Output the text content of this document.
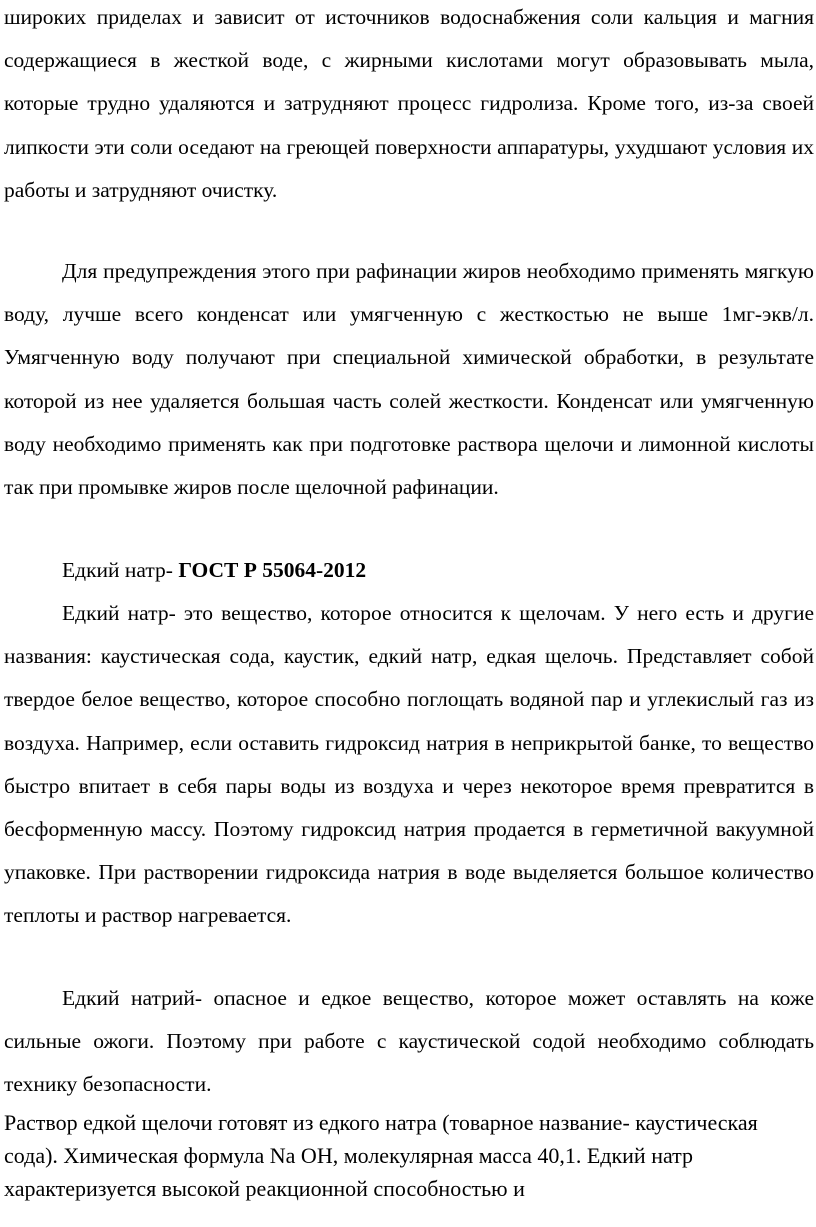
широких приделах и зависит от источников водоснабжения соли кальция и магния содержащиеся в жесткой воде, с жирными кислотами могут образовывать мыла, которые трудно удаляются и затрудняют процесс гидролиза. Кроме того, из-за своей липкости эти соли оседают на греющей поверхности аппаратуры, ухудшают условия их работы и затрудняют очистку.

Для предупреждения этого при рафинации жиров необходимо применять мягкую воду, лучше всего конденсат или умягченную с жесткостью не выше 1мг-экв/л. Умягченную воду получают при специальной химической обработки, в результате которой из нее удаляется большая часть солей жесткости. Конденсат или умягченную воду необходимо применять как при подготовке раствора щелочи и лимонной кислоты так при промывке жиров после щелочной рафинации.

Едкий натр- ГОСТ Р 55064-2012

Едкий натр- это вещество, которое относится к щелочам. У него есть и другие названия: каустическая сода, каустик, едкий натр, едкая щелочь. Представляет собой твердое белое вещество, которое способно поглощать водяной пар и углекислый газ из воздуха. Например, если оставить гидроксид натрия в неприкрытой банке, то вещество быстро впитает в себя пары воды из воздуха и через некоторое время превратится в бесформенную массу. Поэтому гидроксид натрия продается в герметичной вакуумной упаковке. При растворении гидроксида натрия в воде выделяется большое количество теплоты и раствор нагревается.

Едкий натрий- опасное и едкое вещество, которое может оставлять на коже сильные ожоги. Поэтому при работе с каустической содой необходимо соблюдать технику безопасности.

Раствор едкой щелочи готовят из едкого натра (товарное название- каустическая сода). Химическая формула Na OH, молекулярная масса 40,1. Едкий натр характеризуется высокой реакционной способностью и
